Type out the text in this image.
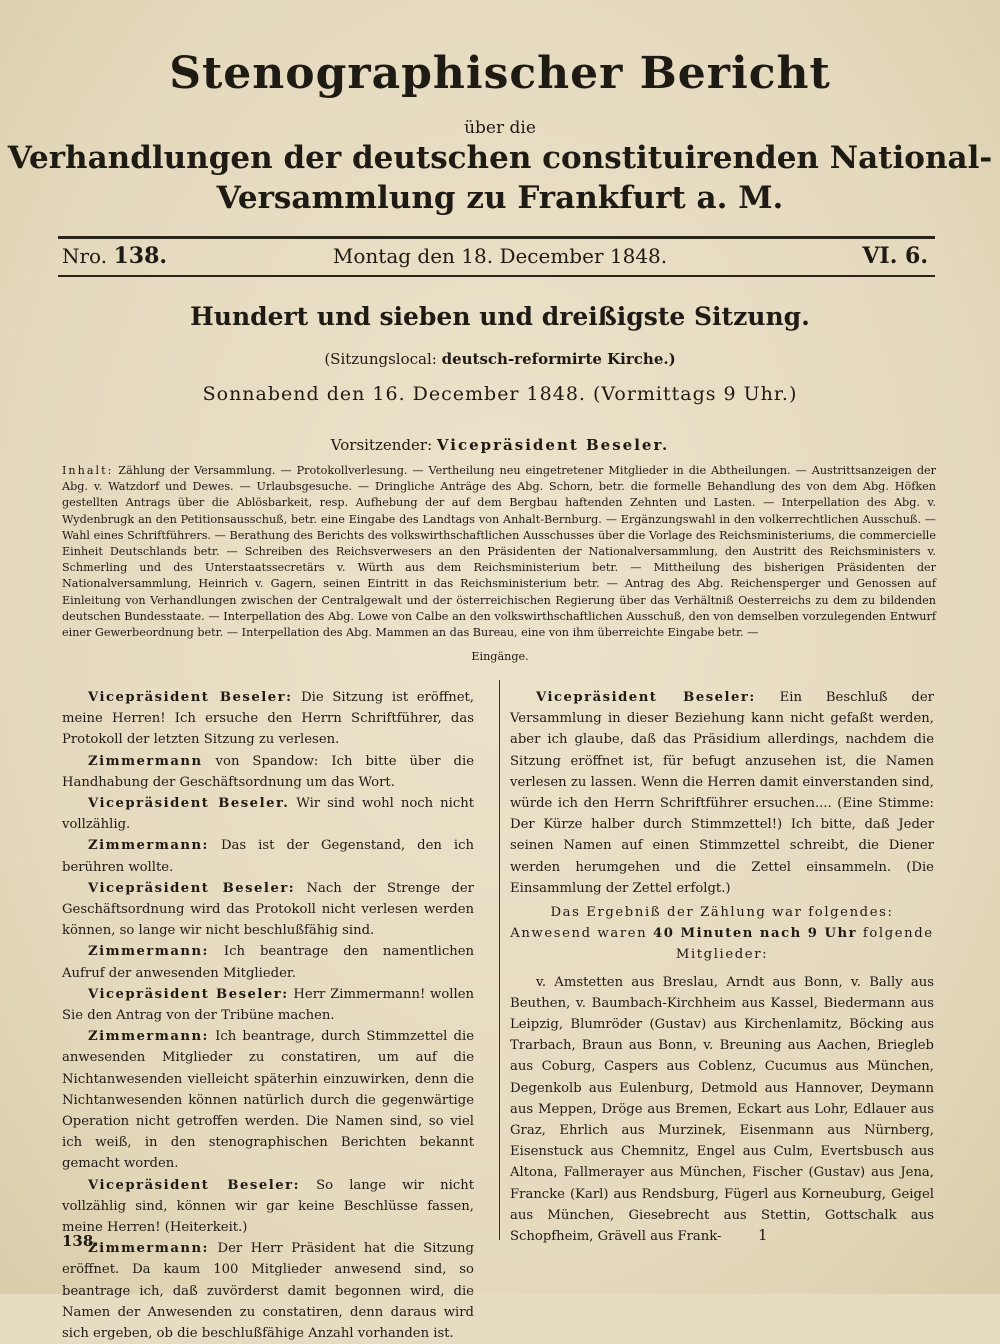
Stenographischer Bericht
über die
Verhandlungen der deutschen constituirenden National-
Versammlung zu Frankfurt a. M.
Nro. 138.	Montag den 18. December 1848.	VI. 6.
Hundert und sieben und dreißigste Sitzung.
(Sitzungslocal: deutsch-reformirte Kirche.)
Sonnabend den 16. December 1848. (Vormittags 9 Uhr.)
Vorsitzender: Vicepräsident Beseler.
Inhalt: Zählung der Versammlung. — Protokollverlesung. — Vertheilung neu eingetretener Mitglieder in die Abtheilungen. — Austrittsanzeigen der Abg. v. Watzdorf und Dewes. — Urlaubsgesuche. — Dringliche Anträge des Abg. Schorn, betr. die formelle Behandlung des von dem Abg. Höfken gestellten Antrags über die Ablösbarkeit, resp. Aufhebung der auf dem Bergbau haftenden Zehnten und Lasten. — Interpellation des Abg. v. Wydenbrugk an den Petitionsausschuß, betr. eine Eingabe des Landtags von Anhalt-Bernburg. — Ergänzungswahl in den volkerrechtlichen Ausschuß. — Wahl eines Schriftführers. — Berathung des Berichts des volkswirthschaftlichen Ausschusses über die Vorlage des Reichsministeriums, die commercielle Einheit Deutschlands betr. — Schreiben des Reichsverwesers an den Präsidenten der Nationalversammlung, den Austritt des Reichsministers v. Schmerling und des Unterstaatssecretärs v. Würth aus dem Reichsministerium betr. — Mittheilung des bisherigen Präsidenten der Nationalversammlung, Heinrich v. Gagern, seinen Eintritt in das Reichsministerium betr. — Antrag des Abg. Reichensperger und Genossen auf Einleitung von Verhandlungen zwischen der Centralgewalt und der österreichischen Regierung über das Verhältniß Oesterreichs zu dem zu bildenden deutschen Bundesstaate. — Interpellation des Abg. Lowe von Calbe an den volkswirthschaftlichen Ausschuß, den von demselben vorzulegenden Entwurf einer Gewerbeordnung betr. — Interpellation des Abg. Mammen an das Bureau, eine von ihm überreichte Eingabe betr. —
Eingänge.

Vicepräsident Beseler: Die Sitzung ist eröffnet, meine Herren! Ich ersuche den Herrn Schriftführer, das Protokoll der letzten Sitzung zu verlesen.

Zimmermann von Spandow: Ich bitte über die Handhabung der Geschäftsordnung um das Wort.

Vicepräsident Beseler. Wir sind wohl noch nicht vollzählig.

Zimmermann: Das ist der Gegenstand, den ich berühren wollte.

Vicepräsident Beseler: Nach der Strenge der Geschäftsordnung wird das Protokoll nicht verlesen werden können, so lange wir nicht beschlußfähig sind.

Zimmermann: Ich beantrage den namentlichen Aufruf der anwesenden Mitglieder.

Vicepräsident Beseler: Herr Zimmermann! wollen Sie den Antrag von der Tribüne machen.

Zimmermann: Ich beantrage, durch Stimmzettel die anwesenden Mitglieder zu constatiren, um auf die Nichtanwesenden vielleicht späterhin einzuwirken, denn die Nichtanwesenden können natürlich durch die gegenwärtige Operation nicht getroffen werden. Die Namen sind, so viel ich weiß, in den stenographischen Berichten bekannt gemacht worden.

Vicepräsident Beseler: So lange wir nicht vollzählig sind, können wir gar keine Beschlüsse fassen, meine Herren! (Heiterkeit.)

Zimmermann: Der Herr Präsident hat die Sitzung eröffnet. Da kaum 100 Mitglieder anwesend sind, so beantrage ich, daß zuvörderst damit begonnen wird, die Namen der Anwesenden zu constatiren, denn daraus wird sich ergeben, ob die beschlußfähige Anzahl vorhanden ist.

Vicepräsident Beseler: Ein Beschluß der Versammlung in dieser Beziehung kann nicht gefaßt werden, aber ich glaube, daß das Präsidium allerdings, nachdem die Sitzung eröffnet ist, für befugt anzusehen ist, die Namen verlesen zu lassen. Wenn die Herren damit einverstanden sind, würde ich den Herrn Schriftführer ersuchen.... (Eine Stimme: Der Kürze halber durch Stimmzettel!) Ich bitte, daß Jeder seinen Namen auf einen Stimmzettel schreibt, die Diener werden herumgehen und die Zettel einsammeln. (Die Einsammlung der Zettel erfolgt.)

Das Ergebniß der Zählung war folgendes:

Anwesend waren 40 Minuten nach 9 Uhr folgende Mitglieder:

v. Amstetten aus Breslau, Arndt aus Bonn, v. Bally aus Beuthen, v. Baumbach-Kirchheim aus Kassel, Biedermann aus Leipzig, Blumröder (Gustav) aus Kirchenlamitz, Böcking aus Trarbach, Braun aus Bonn, v. Breuning aus Aachen, Briegleb aus Coburg, Caspers aus Coblenz, Cucumus aus München, Degenkolb aus Eulenburg, Detmold aus Hannover, Deymann aus Meppen, Dröge aus Bremen, Eckart aus Lohr, Edlauer aus Graz, Ehrlich aus Murzinek, Eisenmann aus Nürnberg, Eisenstuck aus Chemnitz, Engel aus Culm, Evertsbusch aus Altona, Fallmerayer aus München, Fischer (Gustav) aus Jena, Francke (Karl) aus Rendsburg, Fügerl aus Korneuburg, Geigel aus München, Giesebrecht aus Stettin, Gottschalk aus Schopfheim, Grävell aus Frank-

138.	1
